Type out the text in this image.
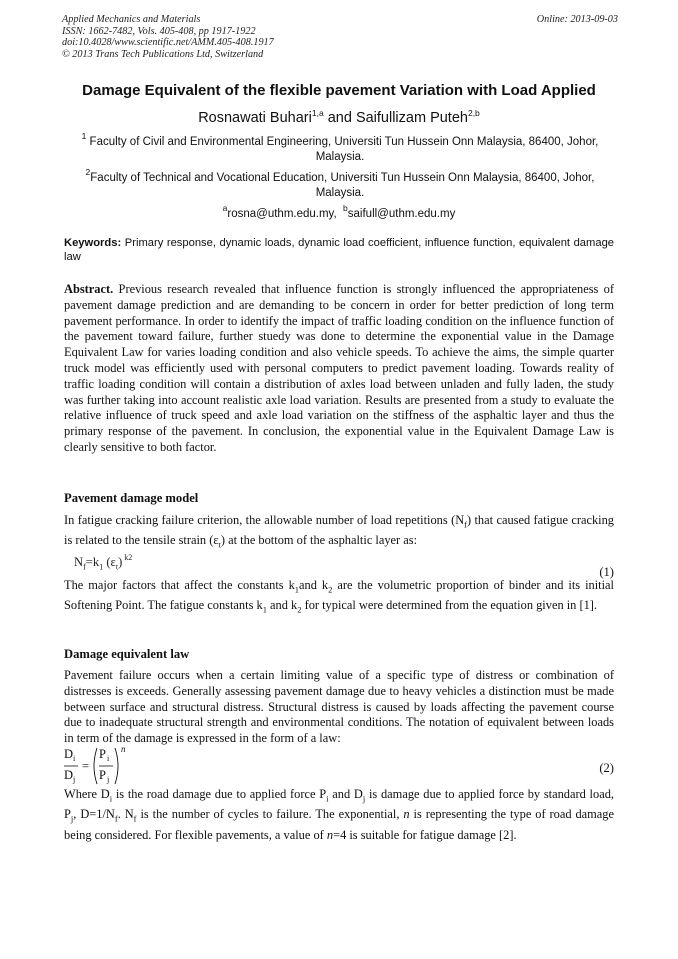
Applied Mechanics and Materials
ISSN: 1662-7482, Vols. 405-408, pp 1917-1922
doi:10.4028/www.scientific.net/AMM.405-408.1917
© 2013 Trans Tech Publications Ltd, Switzerland
Online: 2013-09-03
Damage Equivalent of the flexible pavement Variation with Load Applied
Rosnawati Buhari$^{1,a}$ and Saifullizam Puteh$^{2,b}$
$^1$ Faculty of Civil and Environmental Engineering, Universiti Tun Hussein Onn Malaysia, 86400, Johor, Malaysia.
$^2$Faculty of Technical and Vocational Education, Universiti Tun Hussein Onn Malaysia, 86400, Johor, Malaysia.
$^a$rosna@uthm.edu.my, $^b$saifull@uthm.edu.my
Keywords: Primary response, dynamic loads, dynamic load coefficient, influence function, equivalent damage law
Abstract. Previous research revealed that influence function is strongly influenced the appropriateness of pavement damage prediction and are demanding to be concern in order for better prediction of long term pavement performance. In order to identify the impact of traffic loading condition on the influence function of the pavement toward failure, further stuedy was done to determine the exponential value in the Damage Equivalent Law for varies loading condition and also vehicle speeds. To achieve the aims, the simple quarter truck model was efficiently used with personal computers to predict pavement loading. Towards reality of traffic loading condition will contain a distribution of axles load between unladen and fully laden, the study was further taking into account realistic axle load variation. Results are presented from a study to evaluate the relative influence of truck speed and axle load variation on the stiffness of the asphaltic layer and thus the primary response of the pavement. In conclusion, the exponential value in the Equivalent Damage Law is clearly sensitive to both factor.
Pavement damage model
In fatigue cracking failure criterion, the allowable number of load repetitions $(N_f)$ that caused fatigue cracking is related to the tensile strain $(\varepsilon_t)$ at the bottom of the asphaltic layer as:
$N_f=k_1$ $(\varepsilon_t)$ $^{k2}$
(1)
The major factors that affect the constants $k_1and$ $k_2$ are the volumetric proportion of binder and its initial Softening Point. The fatigue constants $k_1$ and $k_2$ for typical were determined from the equation given in [1].
Damage equivalent law
Pavement failure occurs when a certain limiting value of a specific type of distress or combination of distresses is exceeds. Generally assessing pavement damage due to heavy vehicles a distinction must be made between surface and structural distress. Structural distress is caused by loads affecting the pavement course due to inadequate structural strength and environmental conditions. The notation of equivalent between loads in term of the damage is expressed in the form of a law:
D i
D j
=
P i
P j
n
(2)
Where $D_i$ is the road damage due to applied force $P_i$ and $D_j$ is damage due to applied force by standard load, $P_j$, $D=1/N_f$. $N_f$ is the number of cycles to failure. The exponential, n is representing the type of road damage being considered. For flexible pavements, a value of n=4 is suitable for fatigue damage [2].
